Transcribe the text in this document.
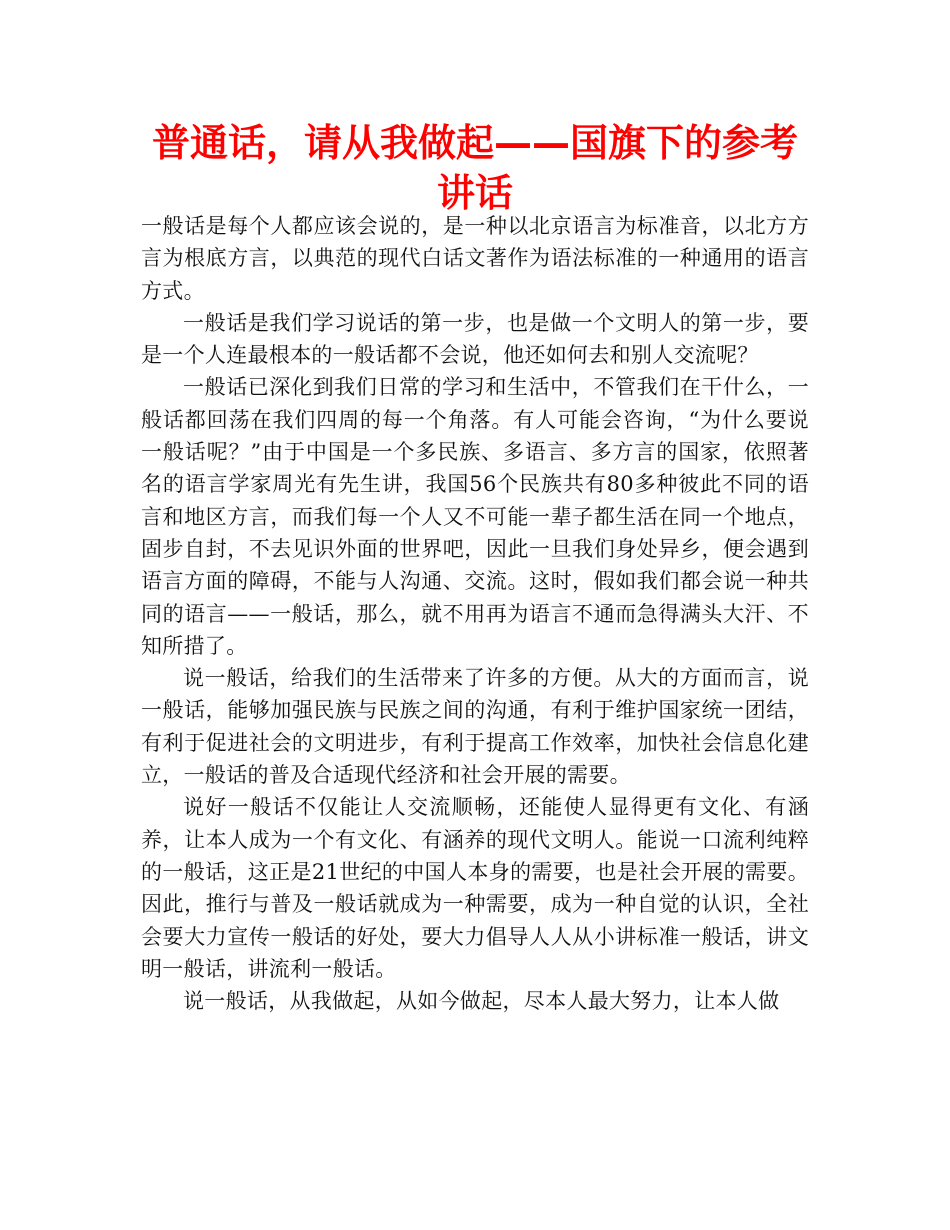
普通话，请从我做起——国旗下的参考讲话

一般话是每个人都应该会说的，是一种以北京语言为标准音，以北方方言为根底方言，以典范的现代白话文著作为语法标准的一种通用的语言方式。

一般话是我们学习说话的第一步，也是做一个文明人的第一步，要是一个人连最根本的一般话都不会说，他还如何去和别人交流呢？

一般话已深化到我们日常的学习和生活中，不管我们在干什么，一般话都回荡在我们四周的每一个角落。有人可能会咨询，“为什么要说一般话呢？”由于中国是一个多民族、多语言、多方言的国家，依照著名的语言学家周光有先生讲，我国56个民族共有80多种彼此不同的语言和地区方言，而我们每一个人又不可能一辈子都生活在同一个地点，固步自封，不去见识外面的世界吧，因此一旦我们身处异乡，便会遇到语言方面的障碍，不能与人沟通、交流。这时，假如我们都会说一种共同的语言——一般话，那么，就不用再为语言不通而急得满头大汗、不知所措了。

说一般话，给我们的生活带来了许多的方便。从大的方面而言，说一般话，能够加强民族与民族之间的沟通，有利于维护国家统一团结，有利于促进社会的文明进步，有利于提高工作效率，加快社会信息化建立，一般话的普及合适现代经济和社会开展的需要。

说好一般话不仅能让人交流顺畅，还能使人显得更有文化、有涵养，让本人成为一个有文化、有涵养的现代文明人。能说一口流利纯粹的一般话，这正是21世纪的中国人本身的需要，也是社会开展的需要。因此，推行与普及一般话就成为一种需要，成为一种自觉的认识，全社会要大力宣传一般话的好处，要大力倡导人人从小讲标准一般话，讲文明一般话，讲流利一般话。

说一般话，从我做起，从如今做起，尽本人最大努力，让本人做
